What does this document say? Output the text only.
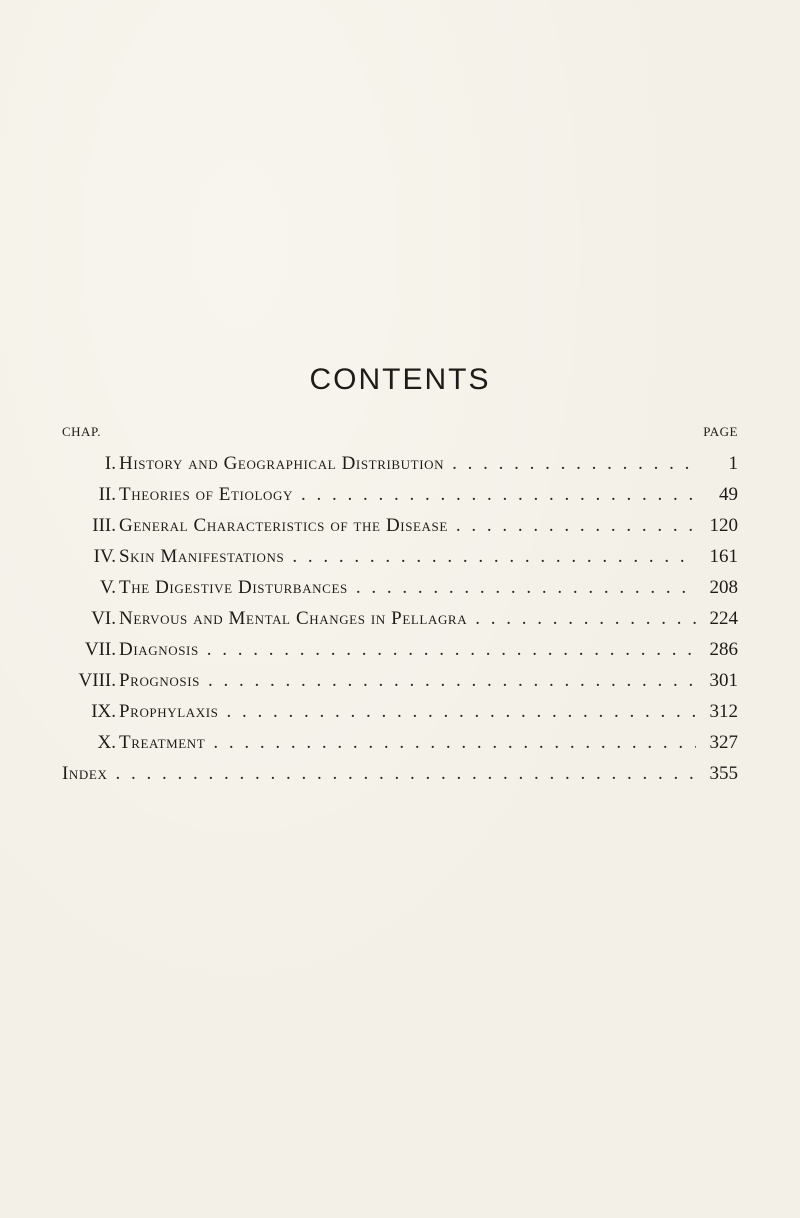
CONTENTS
CHAP.	PAGE
I. History and Geographical Distribution . . .	1
II. Theories of Etiology . . .	49
III. General Characteristics of the Disease . . .	120
IV. Skin Manifestations . . .	161
V. The Digestive Disturbances . . .	208
VI. Nervous and Mental Changes in Pellagra . . .	224
VII. Diagnosis . . .	286
VIII. Prognosis . . .	301
IX. Prophylaxis . . .	312
X. Treatment . . .	327
Index . . .	355
